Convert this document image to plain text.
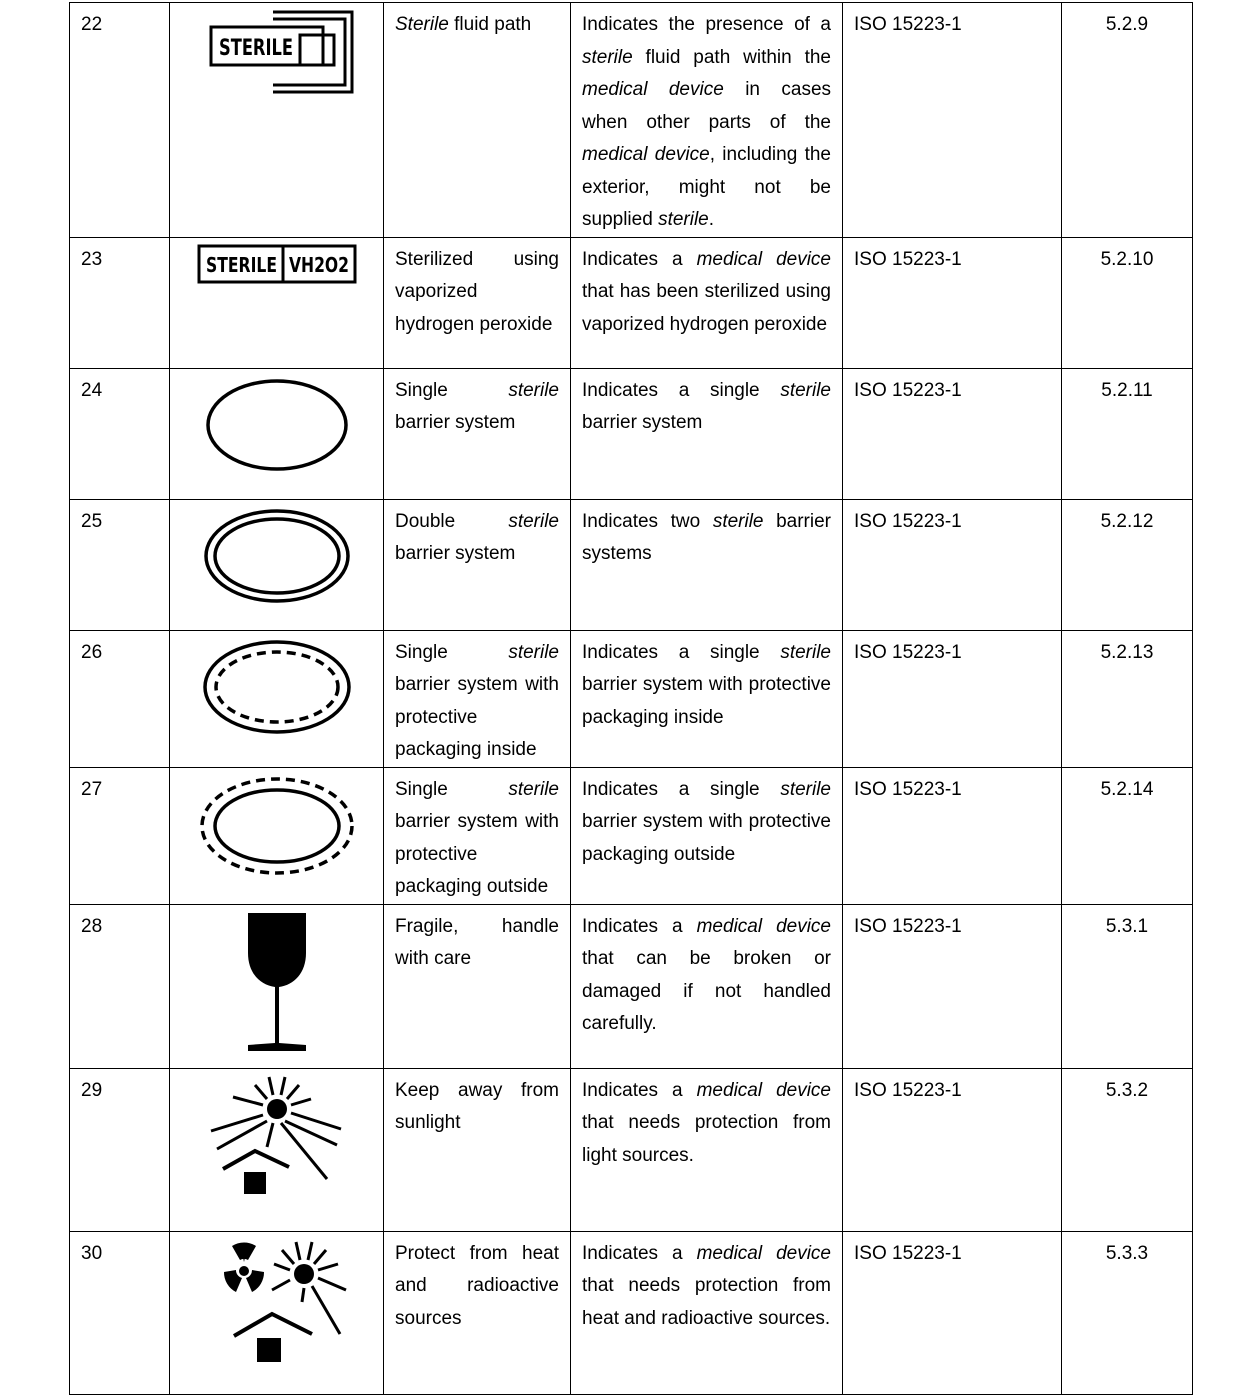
22	STERILE	Sterile fluid path	Indicates the presence of a sterile fluid path within the medical device in cases when other parts of the medical device, including the exterior, might not be supplied sterile.	ISO 15223-1	5.2.9
23	STERILE VH2O2	Sterilized using vaporized hydrogen peroxide	Indicates a medical device that has been sterilized using vaporized hydrogen peroxide	ISO 15223-1	5.2.10
24		Single sterile barrier system	Indicates a single sterile barrier system	ISO 15223-1	5.2.11
25		Double sterile barrier system	Indicates two sterile barrier systems	ISO 15223-1	5.2.12
26		Single sterile barrier system with protective packaging inside	Indicates a single sterile barrier system with protective packaging inside	ISO 15223-1	5.2.13
27		Single sterile barrier system with protective packaging outside	Indicates a single sterile barrier system with protective packaging outside	ISO 15223-1	5.2.14
28		Fragile, handle with care	Indicates a medical device that can be broken or damaged if not handled carefully.	ISO 15223-1	5.3.1
29		Keep away from sunlight	Indicates a medical device that needs protection from light sources.	ISO 15223-1	5.3.2
30		Protect from heat and radioactive sources	Indicates a medical device that needs protection from heat and radioactive sources.	ISO 15223-1	5.3.3
